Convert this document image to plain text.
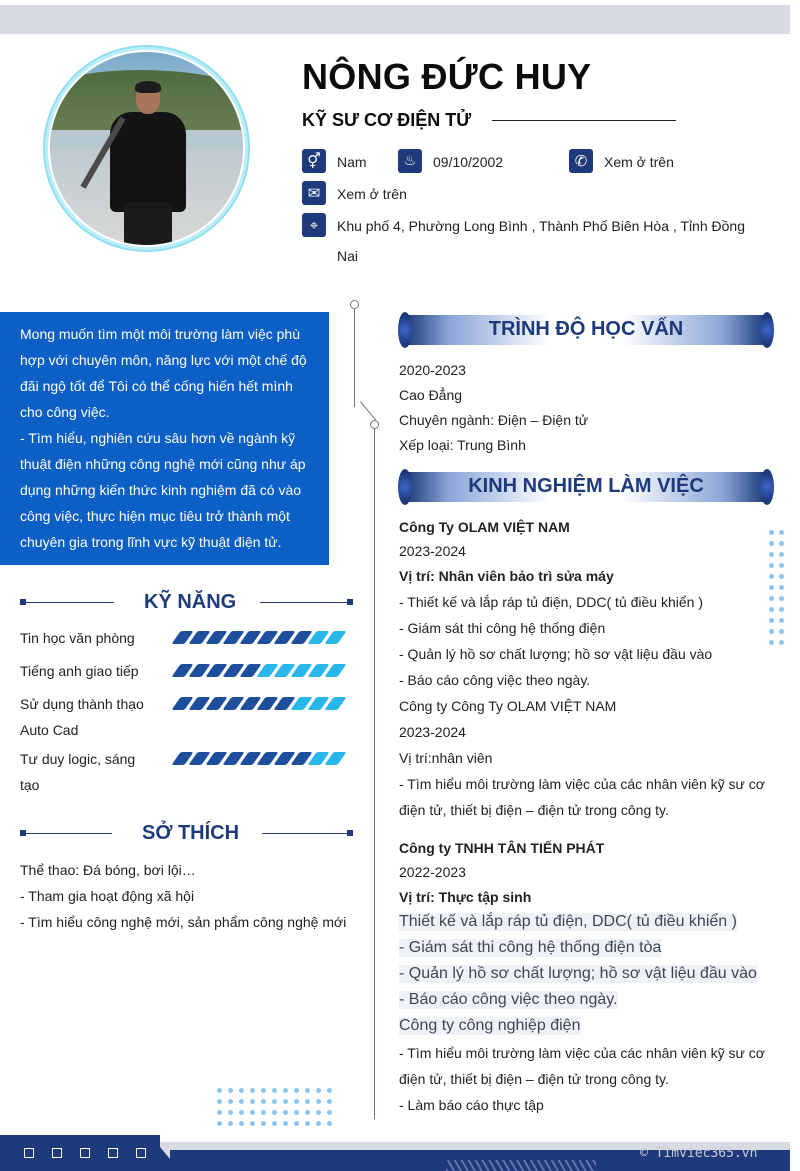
NÔNG ĐỨC HUY
KỸ SƯ CƠ ĐIỆN TỬ
⚥	Nam	♨	09/10/2002	✆	Xem ở trên
✉	Xem ở trên
⌖	Khu phố 4, Phường Long Bình , Thành Phố Biên Hòa , Tỉnh Đồng
Nai

Mong muốn tìm một môi trường làm việc phù

hợp với chuyên môn, năng lực với một chế độ

đãi ngộ tốt để Tôi có thể cống hiến hết mình

cho công việc.

- Tìm hiểu, nghiên cứu sâu hơn về ngành kỹ

thuật điện những công nghệ mới cũng như áp

dụng những kiến thức kinh nghiệm đã có vào

công việc, thực hiện mục tiêu trở thành một

chuyên gia trong lĩnh vực kỹ thuật điện tử.

KỸ NĂNG
Tin học văn phòng
Tiếng anh giao tiếp
Sử dụng thành thạo
Auto Cad
Tư duy logic, sáng
tạo
SỞ THÍCH
Thể thao: Đá bóng, bơi lội…
- Tham gia hoạt động xã hội
- Tìm hiểu công nghệ mới, sản phẩm công nghệ mới
TRÌNH ĐỘ HỌC VẤN
2020-2023
Cao Đẳng
Chuyên ngành: Điện – Điện tử
Xếp loại: Trung Bình
KINH NGHIỆM LÀM VIỆC
Công Ty OLAM VIỆT NAM
2023-2024
Vị trí: Nhân viên bảo trì sửa máy
- Thiết kế và lắp ráp tủ điện, DDC( tủ điều khiển )
- Giám sát thi công hệ thống điện
- Quản lý hồ sơ chất lượng; hồ sơ vật liệu đầu vào
- Báo cáo công việc theo ngày.
Công ty Công Ty OLAM VIỆT NAM
2023-2024
Vị trí:nhân viên
- Tìm hiểu môi trường làm việc của các nhân viên kỹ sư cơ
điện tử, thiết bị điện – điện tử trong công ty.
Công ty TNHH TÂN TIẾN PHÁT
2022-2023
Vị trí: Thực tập sinh
Thiết kế và lắp ráp tủ điện, DDC( tủ điều khiển )
- Giám sát thi công hệ thống điện tòa
- Quản lý hồ sơ chất lượng; hồ sơ vật liệu đầu vào
- Báo cáo công việc theo ngày.
Công ty công nghiệp điện
- Tìm hiểu môi trường làm việc của các nhân viên kỹ sư cơ
điện tử, thiết bị điện – điện tử trong công ty.
- Làm báo cáo thực tập
© Timviec365.vn
